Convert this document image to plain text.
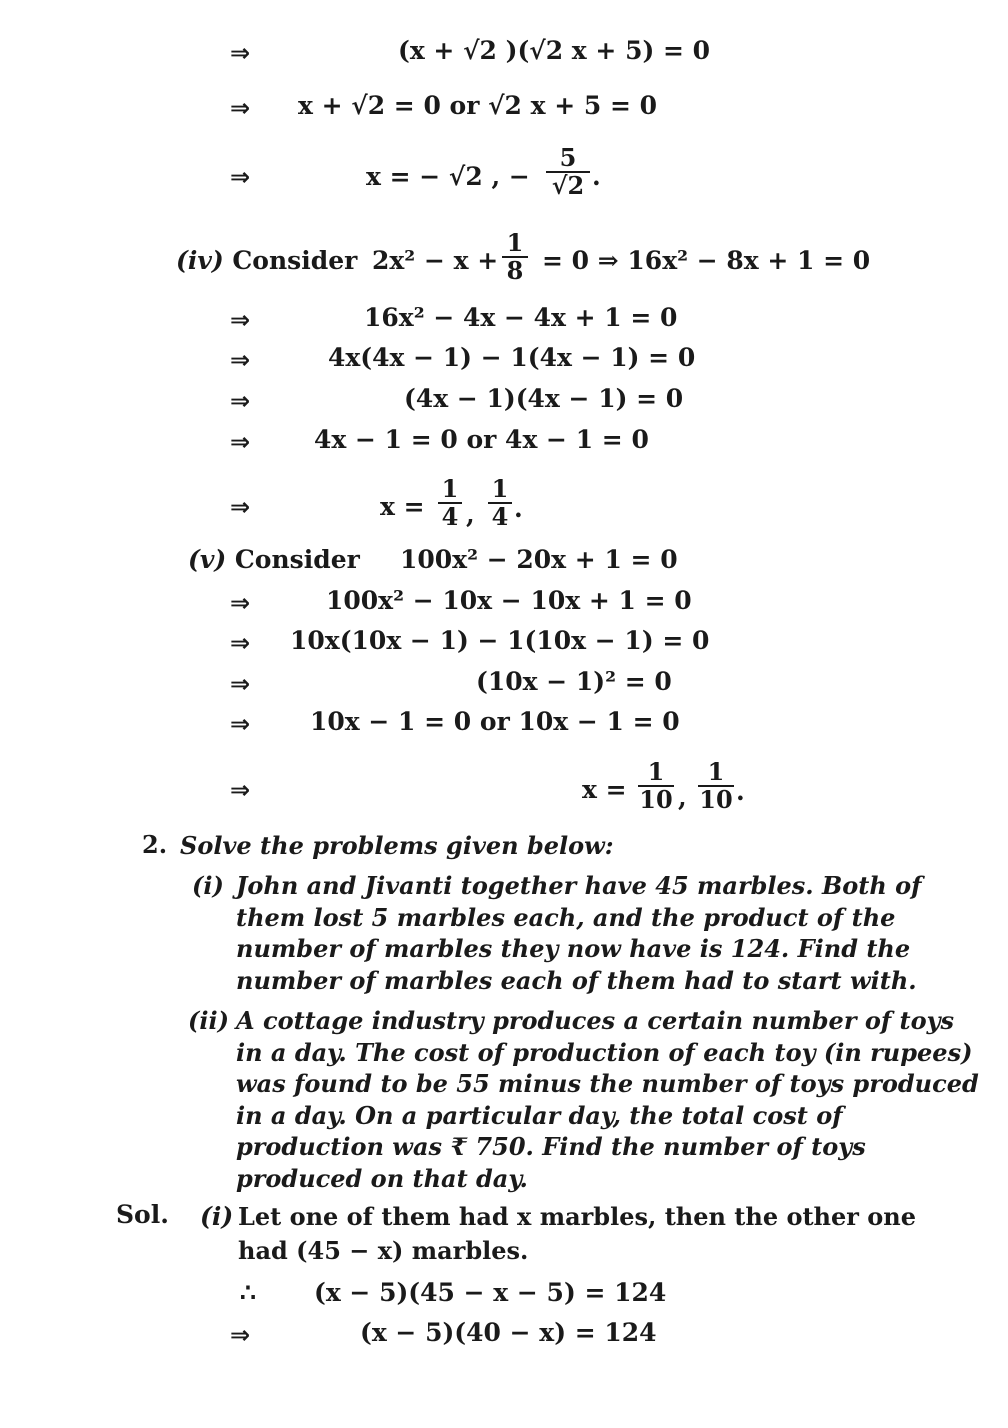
⇒	(x + √2 )(√2 x + 5) = 0
⇒ x + √2 = 0 or √2 x + 5 = 0
⇒	x = − √2 , − $\frac{5}{√2}$ .
(iv) Consider $2x^2 - x + \frac{1}{8} = 0$ ⇒ 16x² − 8x + 1 = 0
⇒	16x² − 4x − 4x + 1 = 0
⇒	4x(4x − 1) − 1(4x − 1) = 0
⇒	(4x − 1)(4x − 1) = 0
⇒	4x − 1 = 0 or 4x − 1 = 0
⇒	$x = \frac{1}{4}$ , $\frac{1}{4}$ .
(v) Consider 100x² − 20x + 1 = 0
⇒	100x² − 10x − 10x + 1 = 0
⇒ 10x(10x − 1) − 1(10x − 1) = 0
⇒	(10x − 1)² = 0
⇒ 10x − 1 = 0 or 10x − 1 = 0
⇒	$x = \frac{1}{10}$ , $\frac{1}{10}$ .
2. Solve the problems given below:
(i) John and Jivanti together have 45 marbles. Both of
them lost 5 marbles each, and the product of the
number of marbles they now have is 124. Find the
number of marbles each of them had to start with.
(ii) A cottage industry produces a certain number of toys
in a day. The cost of production of each toy (in rupees)
was found to be 55 minus the number of toys produced
in a day. On a particular day, the total cost of
production was ₹ 750. Find the number of toys
produced on that day.
Sol. (i) Let one of them had x marbles, then the other one
had (45 − x) marbles.
∴ (x − 5)(45 − x − 5) = 124
⇒	(x − 5)(40 − x) = 124
